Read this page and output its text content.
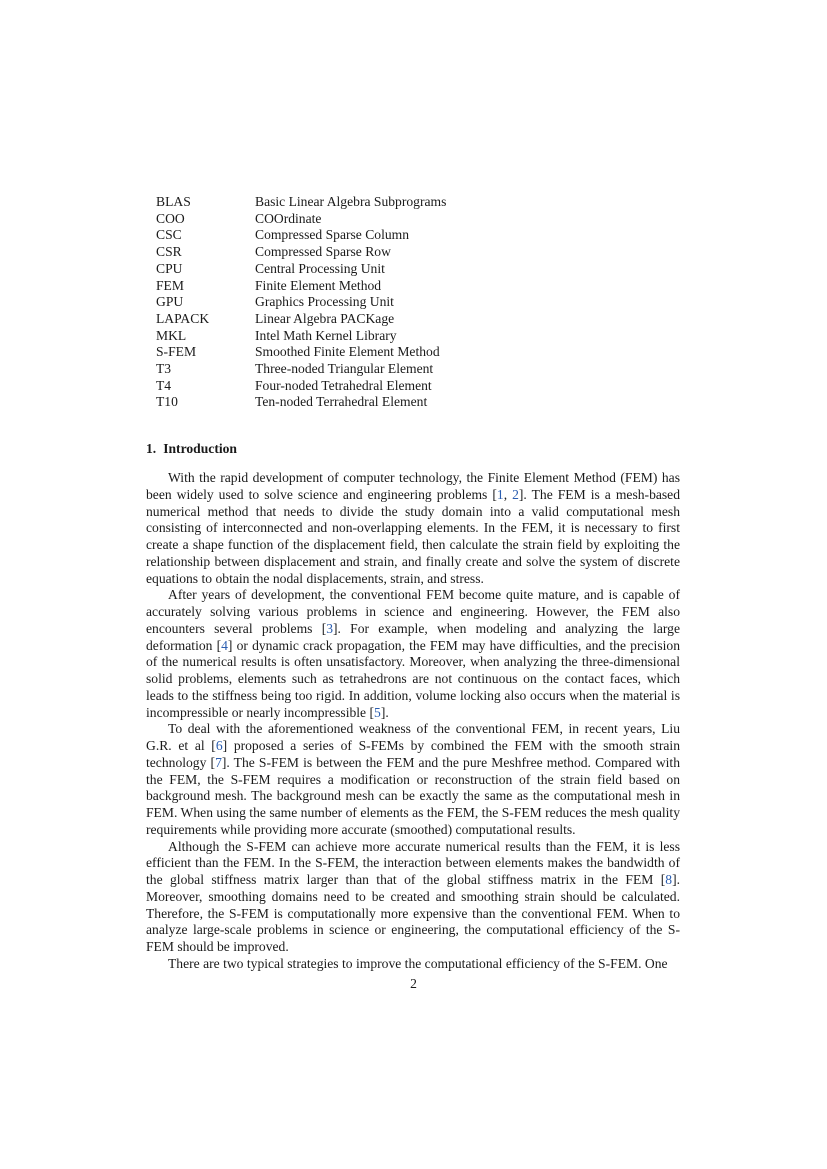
BLAS	Basic Linear Algebra Subprograms
COO	COOrdinate
CSC	Compressed Sparse Column
CSR	Compressed Sparse Row
CPU	Central Processing Unit
FEM	Finite Element Method
GPU	Graphics Processing Unit
LAPACK	Linear Algebra PACKage
MKL	Intel Math Kernel Library
S-FEM	Smoothed Finite Element Method
T3	Three-noded Triangular Element
T4	Four-noded Tetrahedral Element
T10	Ten-noded Terrahedral Element
1. Introduction

With the rapid development of computer technology, the Finite Element Method (FEM) has been widely used to solve science and engineering problems [1, 2]. The FEM is a mesh-based numerical method that needs to divide the study domain into a valid computational mesh consisting of interconnected and non-overlapping elements. In the FEM, it is necessary to first create a shape function of the displacement field, then calculate the strain field by exploiting the relationship between displacement and strain, and finally create and solve the system of discrete equations to obtain the nodal displacements, strain, and stress.

After years of development, the conventional FEM become quite mature, and is capable of accurately solving various problems in science and engineering. However, the FEM also encounters several problems [3]. For example, when modeling and analyzing the large deformation [4] or dynamic crack propagation, the FEM may have difficulties, and the precision of the numerical results is often unsatisfactory. Moreover, when analyzing the three-dimensional solid problems, elements such as tetrahedrons are not continuous on the contact faces, which leads to the stiffness being too rigid. In addition, volume locking also occurs when the material is incompressible or nearly incompressible [5].

To deal with the aforementioned weakness of the conventional FEM, in recent years, Liu G.R. et al [6] proposed a series of S-FEMs by combined the FEM with the smooth strain technology [7]. The S-FEM is between the FEM and the pure Meshfree method. Compared with the FEM, the S-FEM requires a modification or reconstruction of the strain field based on background mesh. The background mesh can be exactly the same as the computational mesh in FEM. When using the same number of elements as the FEM, the S-FEM reduces the mesh quality requirements while providing more accurate (smoothed) computational results.

Although the S-FEM can achieve more accurate numerical results than the FEM, it is less efficient than the FEM. In the S-FEM, the interaction between elements makes the bandwidth of the global stiffness matrix larger than that of the global stiffness matrix in the FEM [8]. Moreover, smoothing domains need to be created and smoothing strain should be calculated. Therefore, the S-FEM is computationally more expensive than the conventional FEM. When to analyze large-scale problems in science or engineering, the computational efficiency of the S-FEM should be improved.

There are two typical strategies to improve the computational efficiency of the S-FEM. One

2
